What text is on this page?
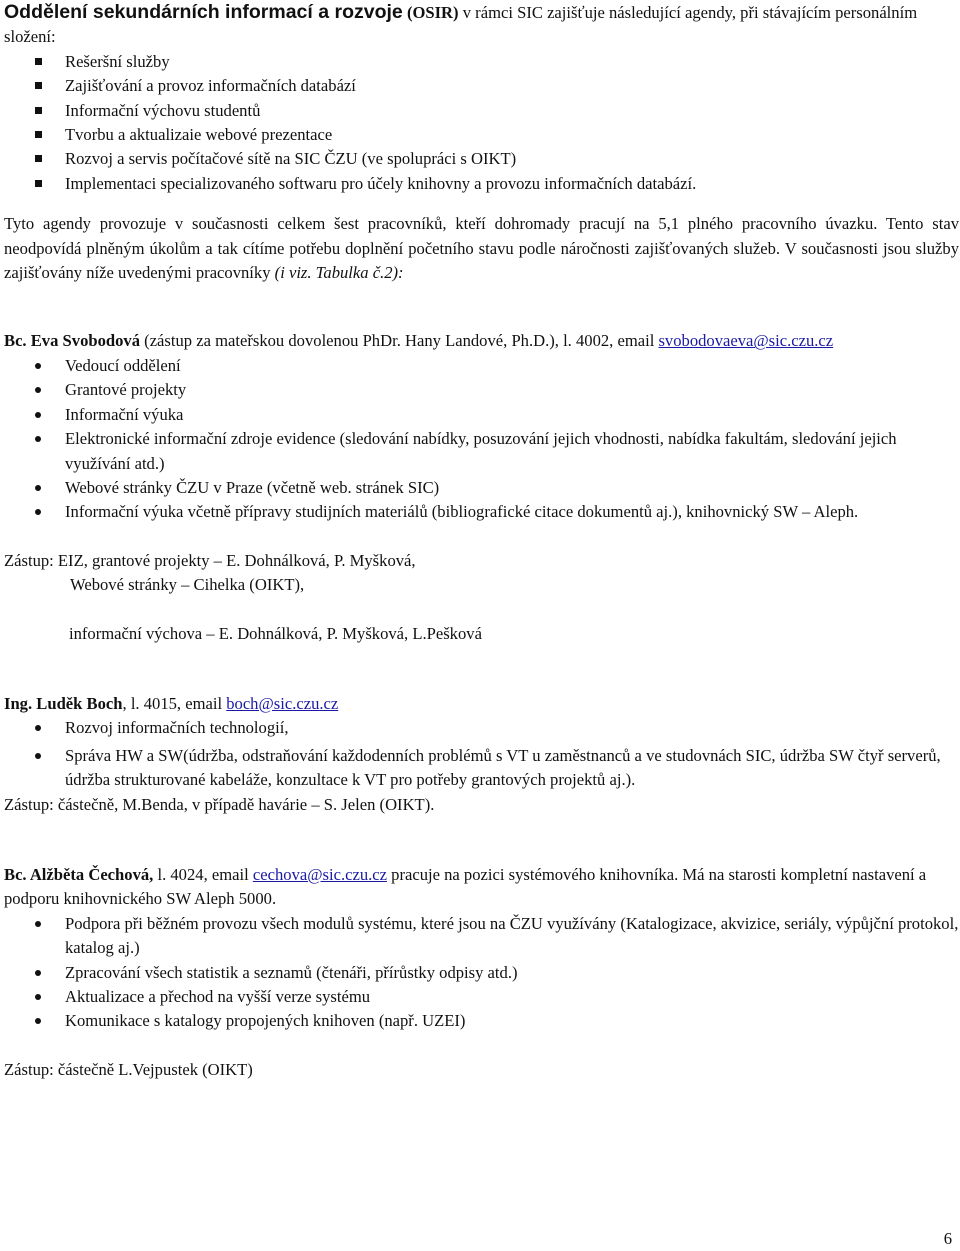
Oddělení sekundárních informací a rozvoje (OSIR) v rámci SIC zajišťuje následující agendy, při stávajícím personálním složení:

Rešeršní služby
Zajišťování a provoz informačních databází
Informační výchovu studentů
Tvorbu a aktualizaie webové prezentace
Rozvoj a servis počítačové sítě na SIC ČZU (ve spolupráci s OIKT)
Implementaci specializovaného softwaru pro účely knihovny a provozu informačních databází.

Tyto agendy provozuje v současnosti celkem šest pracovníků, kteří dohromady pracují na 5,1 plného pracovního úvazku. Tento stav neodpovídá plněným úkolům a tak cítíme potřebu doplnění početního stavu podle náročnosti zajišťovaných služeb. V současnosti jsou služby zajišťovány níže uvedenými pracovníky (i viz. Tabulka č.2):

Bc. Eva Svobodová (zástup za mateřskou dovolenou PhDr. Hany Landové, Ph.D.), l. 4002, email svobodovaeva@sic.czu.cz

Vedoucí oddělení
Grantové projekty
Informační výuka
Elektronické informační zdroje evidence (sledování nabídky, posuzování jejich vhodnosti, nabídka fakultám, sledování jejich využívání atd.)
Webové stránky ČZU v Praze (včetně web. stránek SIC)
Informační výuka včetně přípravy studijních materiálů (bibliografické citace dokumentů aj.), knihovnický SW – Aleph.

Zástup: EIZ, grantové projekty – E. Dohnálková, P. Myšková,

Webové stránky – Cihelka (OIKT),

informační výchova – E. Dohnálková, P. Myšková, L.Pešková

Ing. Luděk Boch, l. 4015, email boch@sic.czu.cz

Rozvoj informačních technologií,
Správa HW a SW(údržba, odstraňování každodenních problémů s VT u zaměstnanců a ve studovnách SIC, údržba SW čtyř serverů, údržba strukturované kabeláže, konzultace k VT pro potřeby grantových projektů aj.).

Zástup: částečně, M.Benda, v případě havárie – S. Jelen (OIKT).

Bc. Alžběta Čechová, l. 4024, email cechova@sic.czu.cz pracuje na pozici systémového knihovníka. Má na starosti kompletní nastavení a podporu knihovnického SW Aleph 5000.

Podpora při běžném provozu všech modulů systému, které jsou na ČZU využívány (Katalogizace, akvizice, seriály, výpůjční protokol, katalog aj.)
Zpracování všech statistik a seznamů (čtenáři, přírůstky odpisy atd.)
Aktualizace a přechod na vyšší verze systému
Komunikace s katalogy propojených knihoven (např. UZEI)

Zástup: částečně L.Vejpustek (OIKT)

6
